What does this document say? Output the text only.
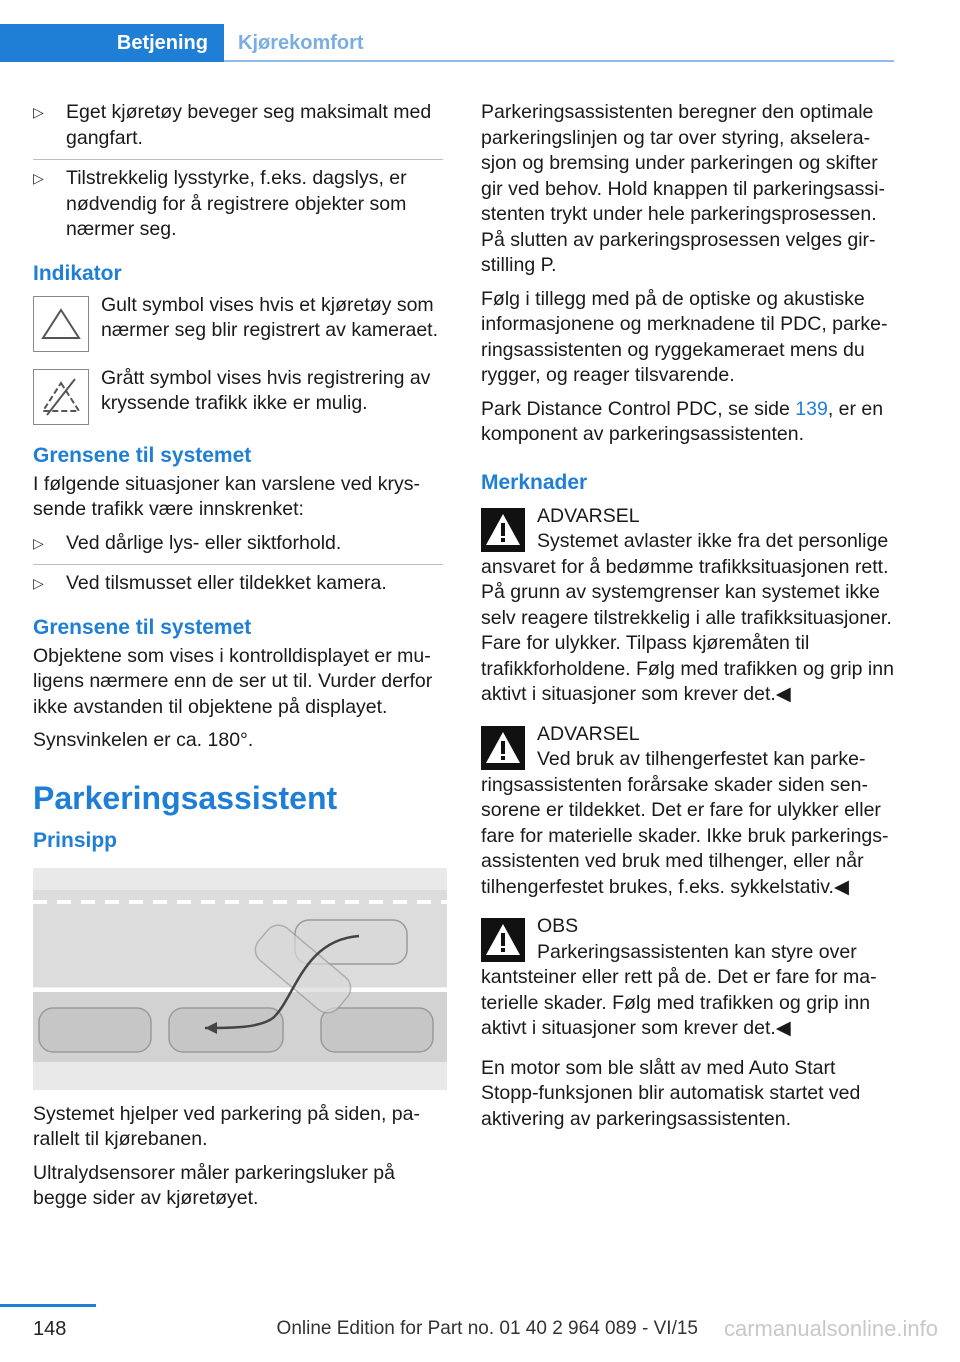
Betjening	Kjørekomfort
▷	Eget kjøretøy beveger seg maksimalt med gangfart.
▷	Tilstrekkelig lysstyrke, f.eks. dagslys, er nødvendig for å registrere objekter som nærmer seg.
Indikator
Gult symbol vises hvis et kjøretøy som nærmer seg blir registrert av kameraet.
Grått symbol vises hvis registrering av kryssende trafikk ikke er mulig.
Grensene til systemet

I følgende situasjoner kan varslene ved kryssende trafikk være innskrenket:

▷	Ved dårlige lys- eller siktforhold.
▷	Ved tilsmusset eller tildekket kamera.
Grensene til systemet

Objektene som vises i kontrolldisplayet er muligens nærmere enn de ser ut til. Vurder derfor ikke avstanden til objektene på displayet.

Synsvinkelen er ca. 180°.

Parkeringsassistent
Prinsipp

Systemet hjelper ved parkering på siden, parallelt til kjørebanen.

Ultralydsensorer måler parkeringsluker på begge sider av kjøretøyet.

Parkeringsassistenten beregner den optimale parkeringslinjen og tar over styring, akselerasjon og bremsing under parkeringen og skifter gir ved behov. Hold knappen til parkeringsassistenten trykt under hele parkeringsprosessen. På slutten av parkeringsprosessen velges girstilling P.

Følg i tillegg med på de optiske og akustiske informasjonene og merknadene til PDC, parkeringsassistenten og ryggekameraet mens du rygger, og reager tilsvarende.

Park Distance Control PDC, se side 139, er en komponent av parkeringsassistenten.

Merknader
ADVARSEL
Systemet avlaster ikke fra det personlige ansvaret for å bedømme trafikksituasjonen rett. På grunn av systemgrenser kan systemet ikke selv reagere tilstrekkelig i alle trafikksituasjoner. Fare for ulykker. Tilpass kjøremåten til trafikkforholdene. Følg med trafikken og grip inn aktivt i situasjoner som krever det.◀
ADVARSEL
Ved bruk av tilhengerfestet kan parkeringsassistenten forårsake skader siden sensorene er tildekket. Det er fare for ulykker eller fare for materielle skader. Ikke bruk parkeringsassistenten ved bruk med tilhenger, eller når tilhengerfestet brukes, f.eks. sykkelstativ.◀
OBS
Parkeringsassistenten kan styre over kantsteiner eller rett på de. Det er fare for materielle skader. Følg med trafikken og grip inn aktivt i situasjoner som krever det.◀

En motor som ble slått av med Auto Start Stopp-funksjonen blir automatisk startet ved aktivering av parkeringsassistenten.

148	Online Edition for Part no. 01 40 2 964 089 - VI/15 carmanualsonline.info
